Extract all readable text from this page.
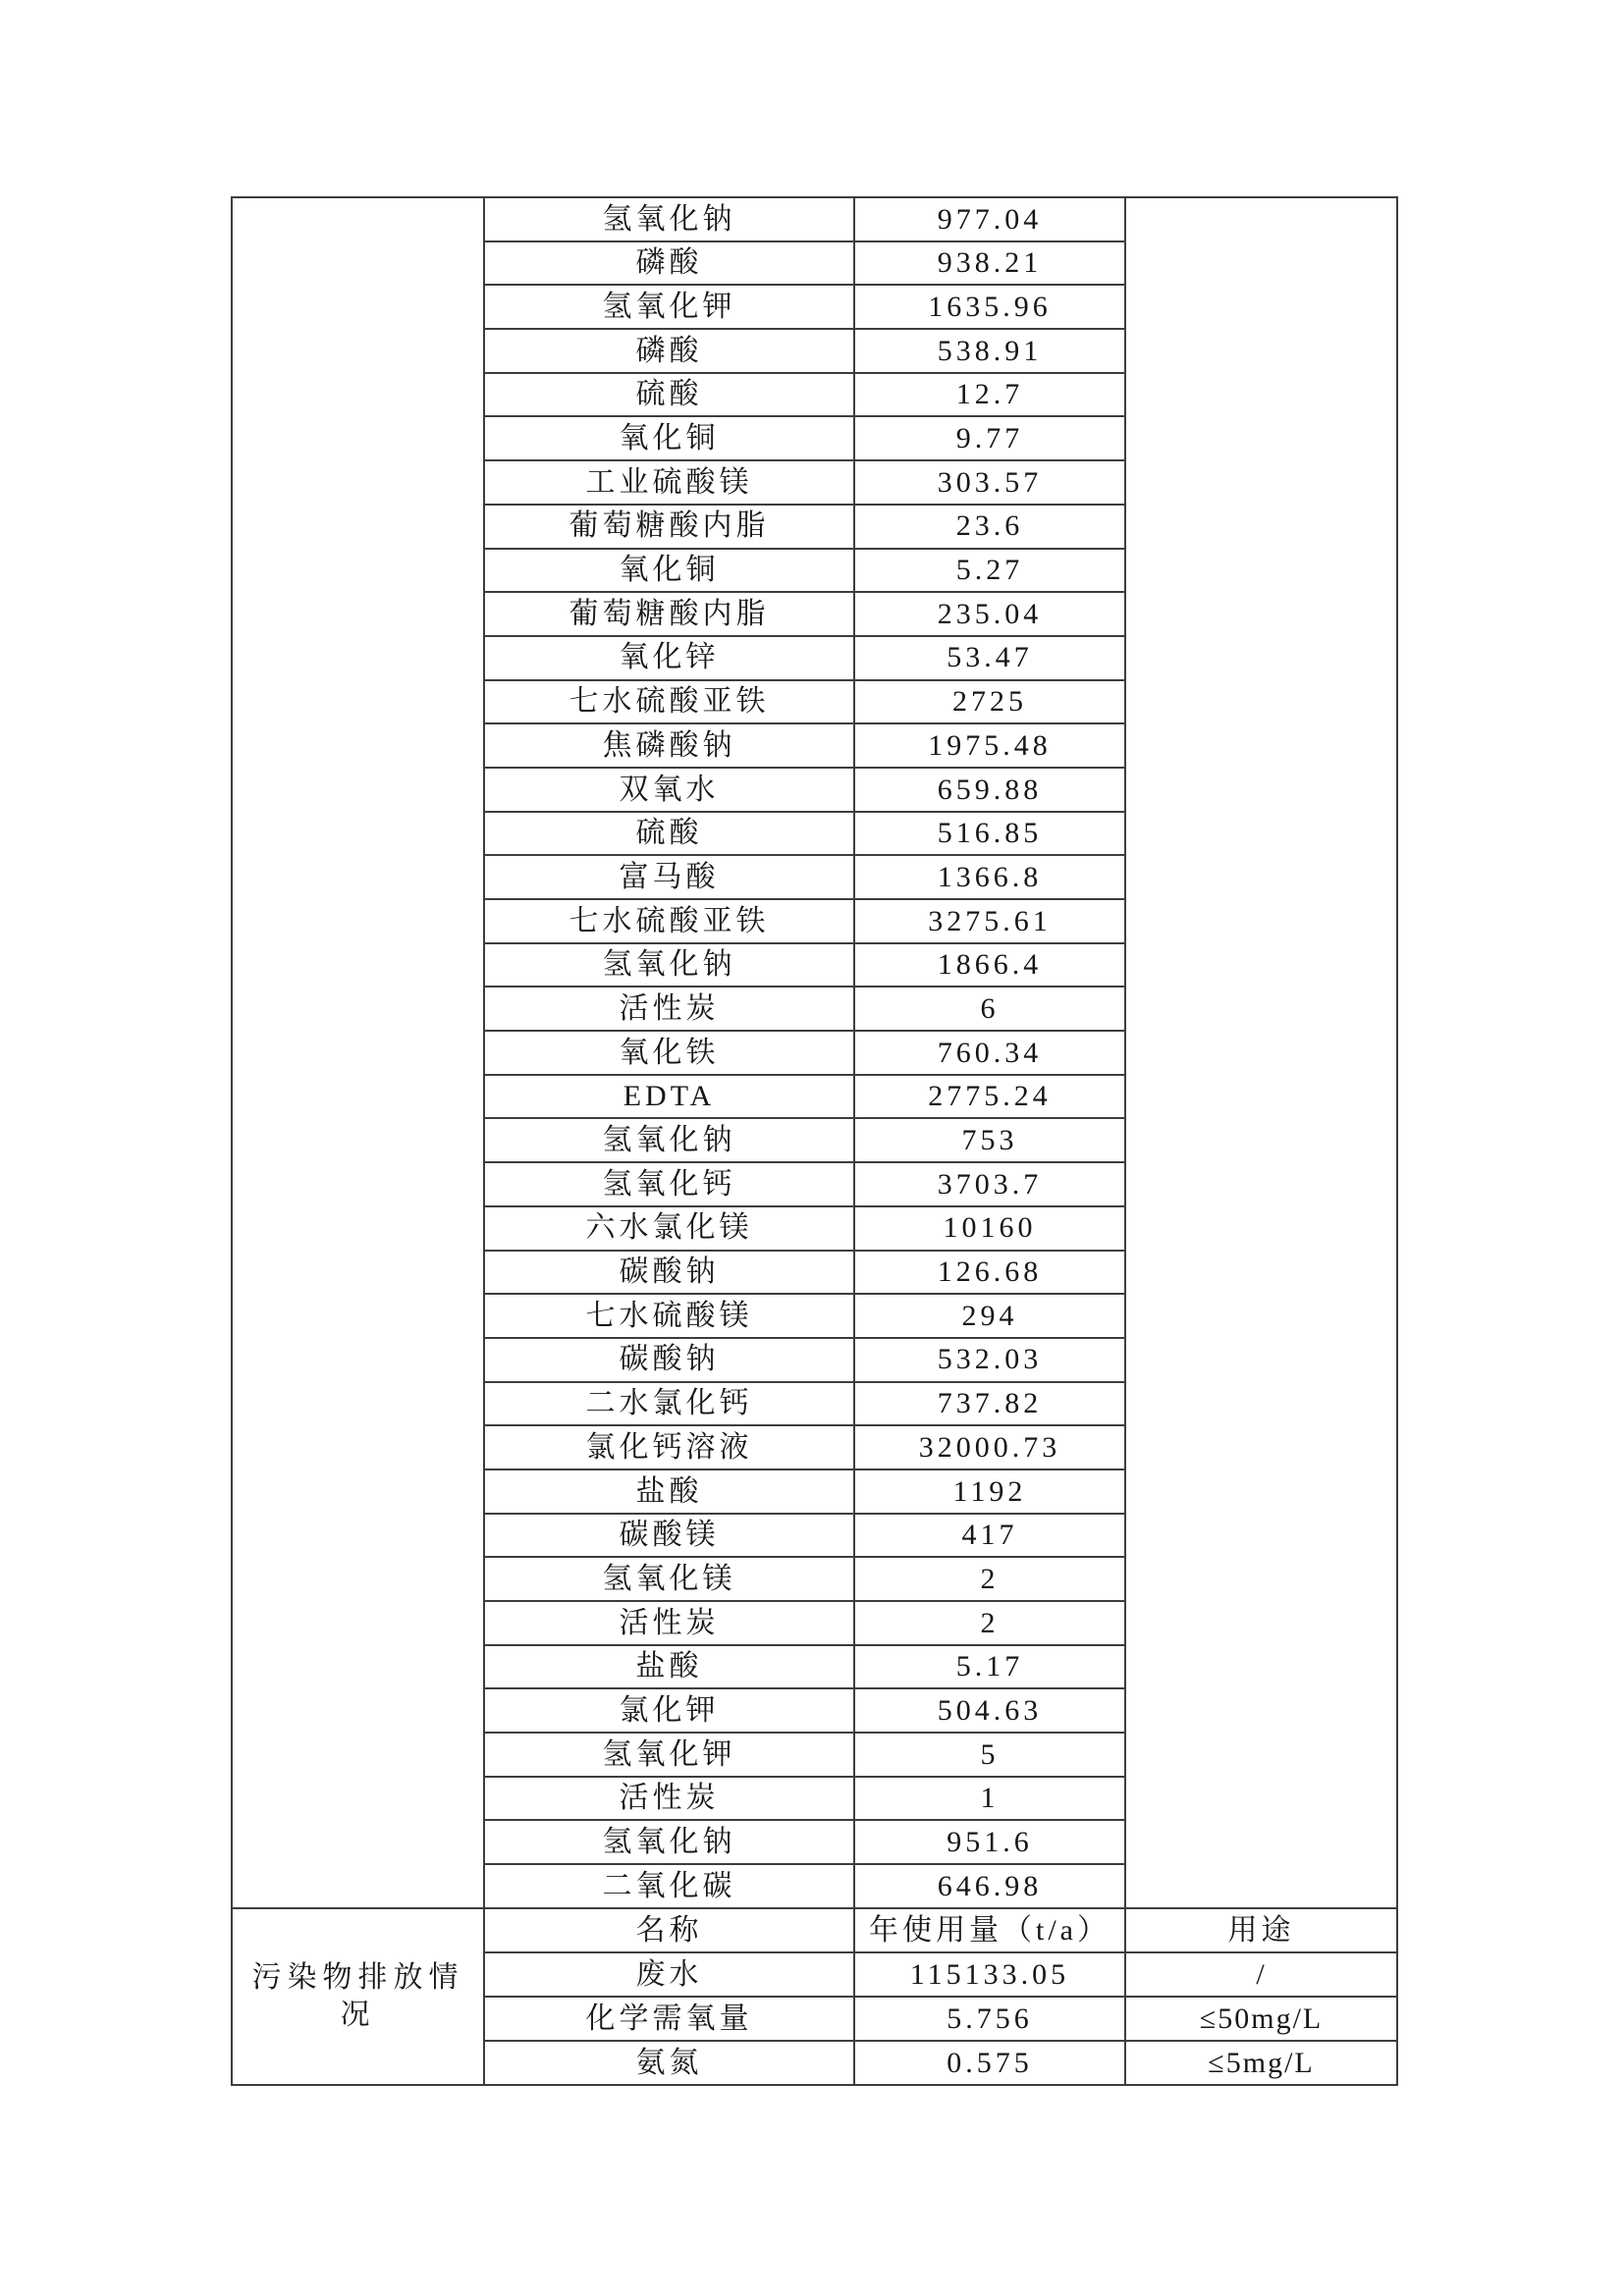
	氢氧化钠	977.04	
	磷酸	938.21	
	氢氧化钾	1635.96	
	磷酸	538.91	
	硫酸	12.7	
	氧化铜	9.77	
	工业硫酸镁	303.57	
	葡萄糖酸内脂	23.6	
	氧化铜	5.27	
	葡萄糖酸内脂	235.04	
	氧化锌	53.47	
	七水硫酸亚铁	2725	
	焦磷酸钠	1975.48	
	双氧水	659.88	
	硫酸	516.85	
	富马酸	1366.8	
	七水硫酸亚铁	3275.61	
	氢氧化钠	1866.4	
	活性炭	6	
	氧化铁	760.34	
	EDTA	2775.24	
	氢氧化钠	753	
	氢氧化钙	3703.7	
	六水氯化镁	10160	
	碳酸钠	126.68	
	七水硫酸镁	294	
	碳酸钠	532.03	
	二水氯化钙	737.82	
	氯化钙溶液	32000.73	
	盐酸	1192	
	碳酸镁	417	
	氢氧化镁	2	
	活性炭	2	
	盐酸	5.17	
	氯化钾	504.63	
	氢氧化钾	5	
	活性炭	1	
	氢氧化钠	951.6	
	二氧化碳	646.98	
污染物排放情况	名称	年使用量（t/a）	用途
	废水	115133.05	/
	化学需氧量	5.756	≤50mg/L
	氨氮	0.575	≤5mg/L
